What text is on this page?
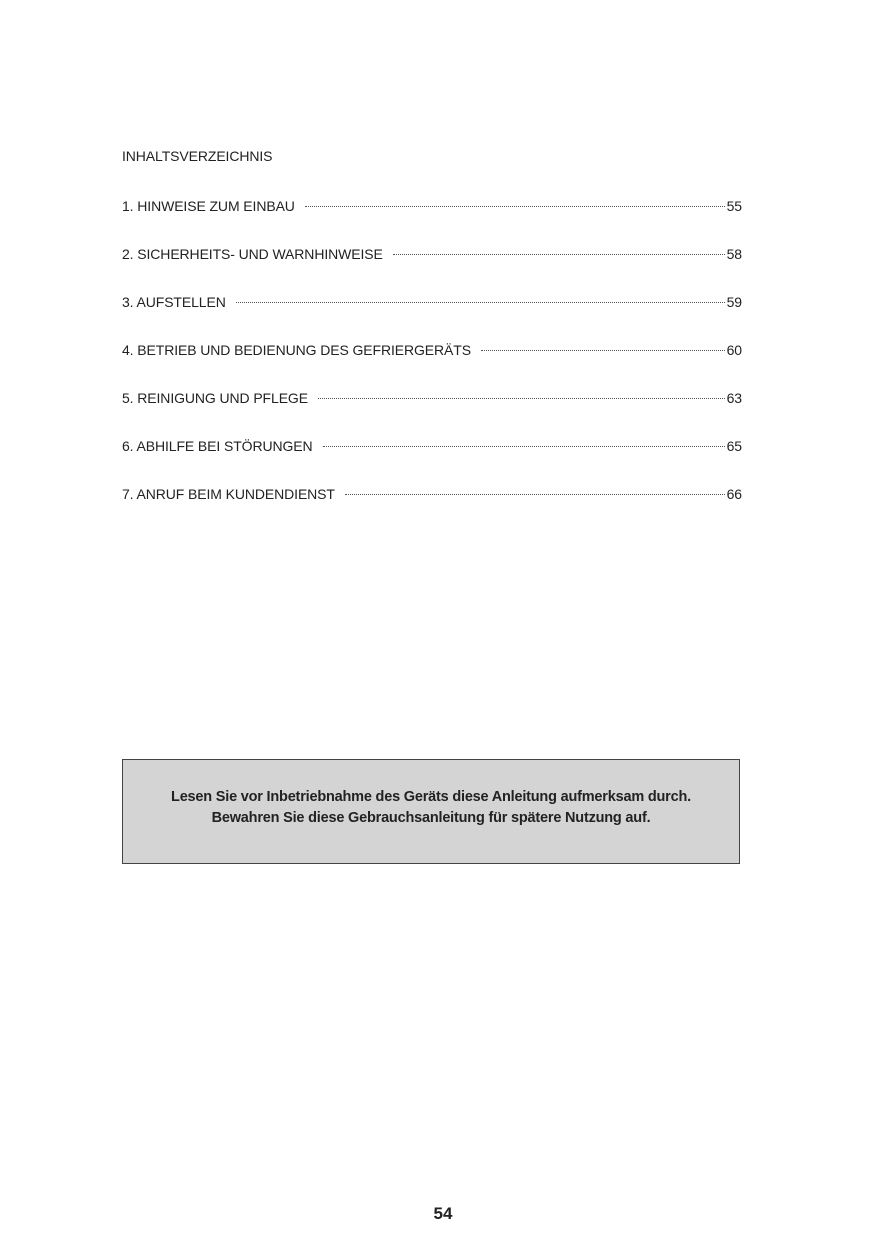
INHALTSVERZEICHNIS
1. HINWEISE ZUM EINBAU	55
2. SICHERHEITS- UND WARNHINWEISE	58
3. AUFSTELLEN	59
4. BETRIEB UND BEDIENUNG DES GEFRIERGERÄTS	60
5. REINIGUNG UND PFLEGE	63
6. ABHILFE BEI STÖRUNGEN	65
7. ANRUF BEIM KUNDENDIENST	66
Lesen Sie vor Inbetriebnahme des Geräts diese Anleitung aufmerksam durch.
Bewahren Sie diese Gebrauchsanleitung für spätere Nutzung auf.
54
